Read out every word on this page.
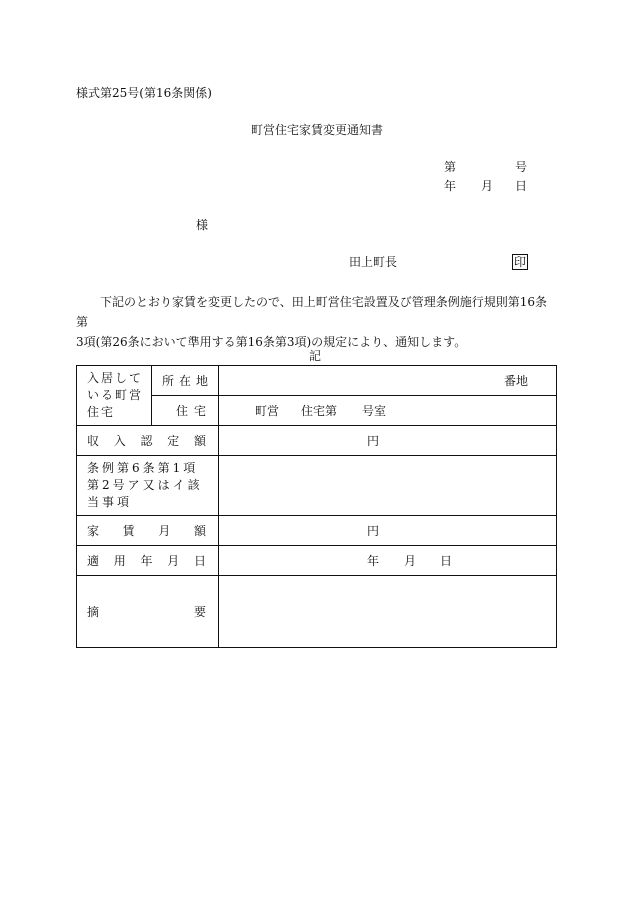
様式第25号(第16条関係)
町営住宅家賃変更通知書
第	号
年 月 日
様
田上町長	印
下記のとおり家賃を変更したので、田上町営住宅設置及び管理条例施行規則第16条第
3項(第26条において準用する第16条第3項)の規定により、通知します。
記
入居している町営住宅	所 在 地	番地

	住 宅	町営 住宅第 号室

収 入 認 定 額		円

条例第6条第1項第2号ア又はイ該当事項		

家 賃 月 額		円

適 用 年 月 日		年 月 日

摘 要		
